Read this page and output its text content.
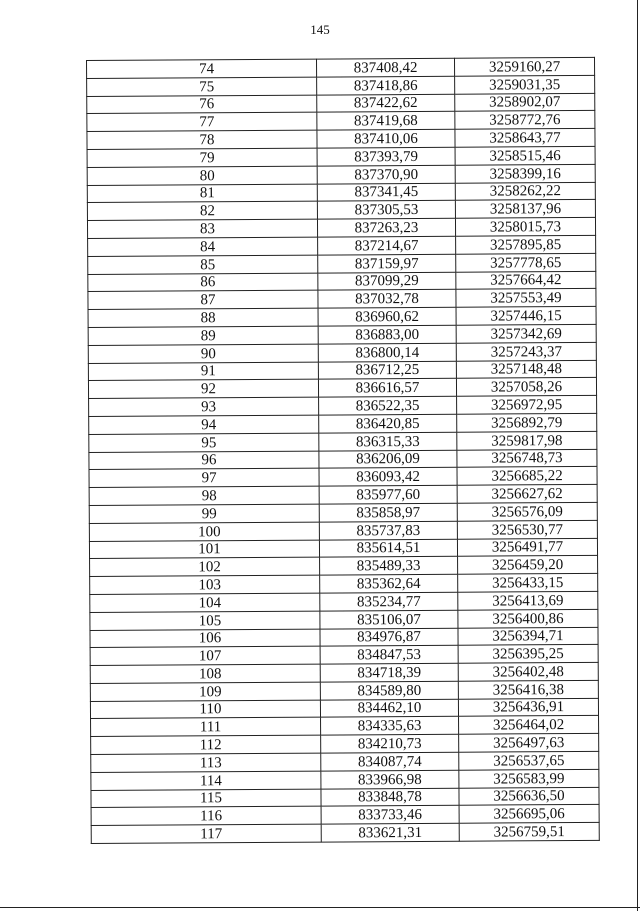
145
74	837408,42	3259160,27
75	837418,86	3259031,35
76	837422,62	3258902,07
77	837419,68	3258772,76
78	837410,06	3258643,77
79	837393,79	3258515,46
80	837370,90	3258399,16
81	837341,45	3258262,22
82	837305,53	3258137,96
83	837263,23	3258015,73
84	837214,67	3257895,85
85	837159,97	3257778,65
86	837099,29	3257664,42
87	837032,78	3257553,49
88	836960,62	3257446,15
89	836883,00	3257342,69
90	836800,14	3257243,37
91	836712,25	3257148,48
92	836616,57	3257058,26
93	836522,35	3256972,95
94	836420,85	3256892,79
95	836315,33	3259817,98
96	836206,09	3256748,73
97	836093,42	3256685,22
98	835977,60	3256627,62
99	835858,97	3256576,09
100	835737,83	3256530,77
101	835614,51	3256491,77
102	835489,33	3256459,20
103	835362,64	3256433,15
104	835234,77	3256413,69
105	835106,07	3256400,86
106	834976,87	3256394,71
107	834847,53	3256395,25
108	834718,39	3256402,48
109	834589,80	3256416,38
110	834462,10	3256436,91
111	834335,63	3256464,02
112	834210,73	3256497,63
113	834087,74	3256537,65
114	833966,98	3256583,99
115	833848,78	3256636,50
116	833733,46	3256695,06
117	833621,31	3256759,51
